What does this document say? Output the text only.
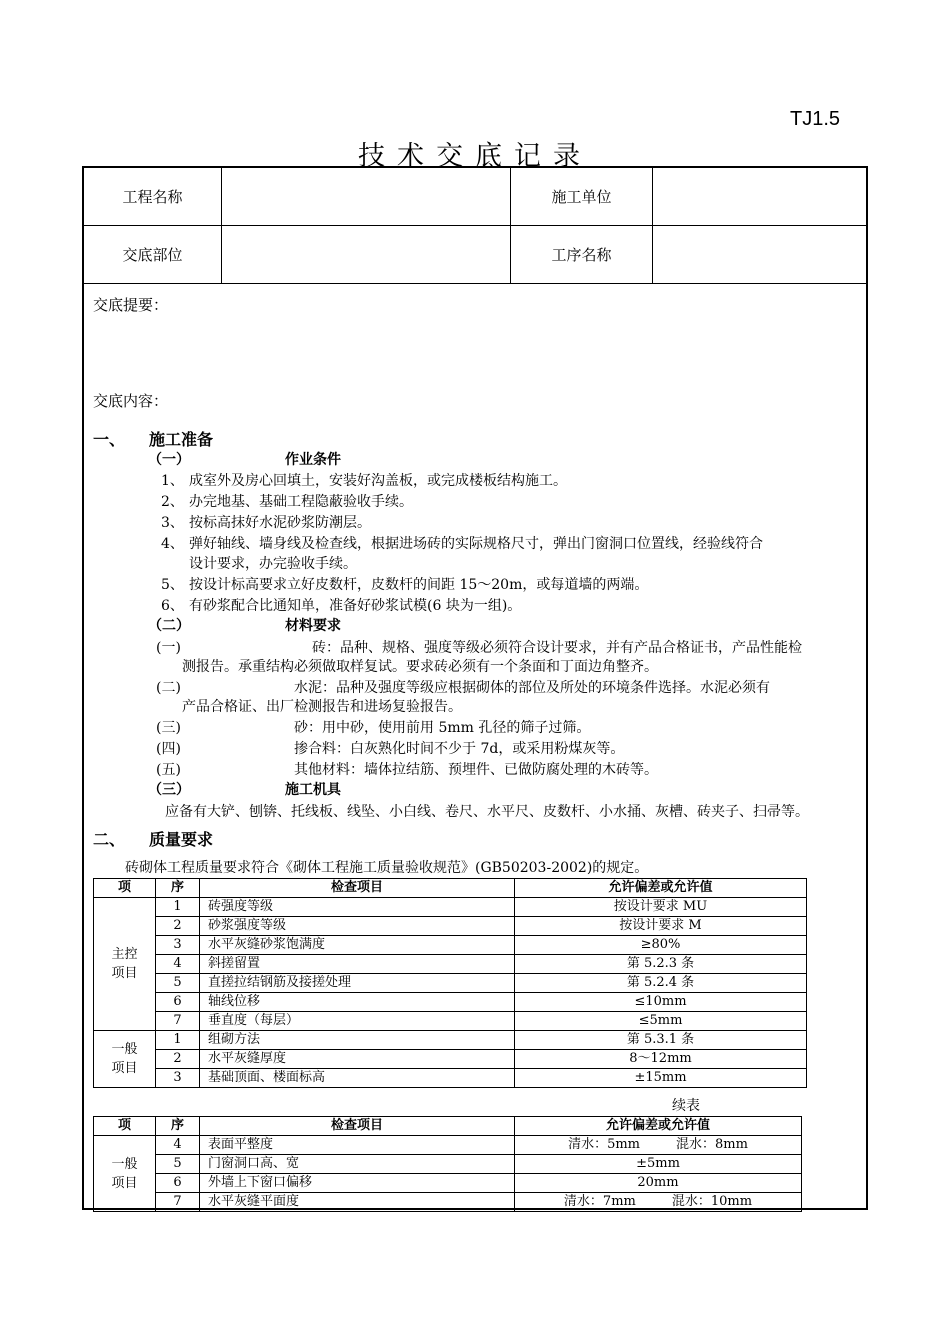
TJ1.5
技术交底记录
工程名称	施工单位
交底部位	工序名称
交底提要：
交底内容：
一、 施工准备
（一）	作业条件
1、 成室外及房心回填土，安装好沟盖板，或完成楼板结构施工。
2、 办完地基、基础工程隐蔽验收手续。
3、 按标高抹好水泥砂浆防潮层。
4、 弹好轴线、墙身线及检查线，根据进场砖的实际规格尺寸，弹出门窗洞口位置线，经验线符合
设计要求，办完验收手续。
5、 按设计标高要求立好皮数杆，皮数杆的间距 15～20m，或每道墙的两端。
6、 有砂浆配合比通知单，准备好砂浆试模(6 块为一组)。
（二）	材料要求
(一)	砖：品种、规格、强度等级必须符合设计要求，并有产品合格证书，产品性能检
测报告。承重结构必须做取样复试。要求砖必须有一个条面和丁面边角整齐。
(二)	水泥：品种及强度等级应根据砌体的部位及所处的环境条件选择。水泥必须有
产品合格证、出厂检测报告和进场复验报告。
(三)	砂：用中砂，使用前用 5mm 孔径的筛子过筛。
(四)	掺合料：白灰熟化时间不少于 7d，或采用粉煤灰等。
(五)	其他材料：墙体拉结筋、预埋件、已做防腐处理的木砖等。
（三）	施工机具
应备有大铲、刨锛、托线板、线坠、小白线、卷尺、水平尺、皮数杆、小水捅、灰槽、砖夹子、扫帚等。
二、 质量要求
砖砌体工程质量要求符合《砌体工程施工质量验收规范》(GB50203-2002)的规定。
项	序	检查项目	允许偏差或允许值
主控项目	1	砖强度等级	按设计要求 MU
	2	砂浆强度等级	按设计要求 M
	3	水平灰缝砂浆饱满度	≥80%
	4	斜搓留置	第 5.2.3 条
	5	直搓拉结钢筋及接搓处理	第 5.2.4 条
	6	轴线位移	≤10mm
	7	垂直度（每层）	≤5mm
一般项目	1	组砌方法	第 5.3.1 条
	2	水平灰缝厚度	8～12mm
	3	基础顶面、楼面标高	±15mm
续表
项	序	检查项目	允许偏差或允许值
一般项目	4	表面平整度	清水：5mm 混水：8mm

	5	门窗洞口高、宽	±5mm
	6	外墙上下窗口偏移	20mm
	7	水平灰缝平面度	清水：7mm 混水：10mm
